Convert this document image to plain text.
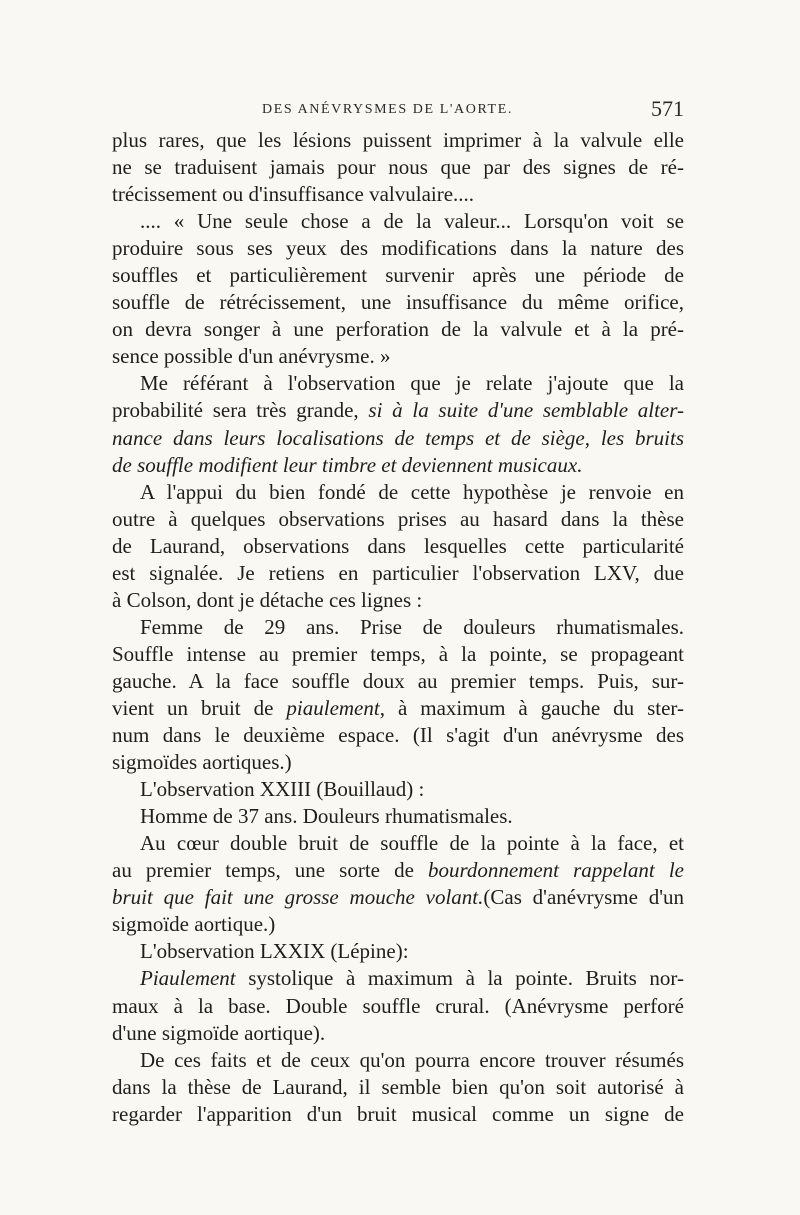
DES ANÉVRYSMES DE L'AORTE.	571
plus rares, que les lésions puissent imprimer à la valvule elle
ne se traduisent jamais pour nous que par des signes de ré-
trécissement ou d'insuffisance valvulaire....
.... « Une seule chose a de la valeur... Lorsqu'on voit se
produire sous ses yeux des modifications dans la nature des
souffles et particulièrement survenir après une période de
souffle de rétrécissement, une insuffisance du même orifice,
on devra songer à une perforation de la valvule et à la pré-
sence possible d'un anévrysme. »
Me référant à l'observation que je relate j'ajoute que la
probabilité sera très grande, si à la suite d'une semblable alter-
nance dans leurs localisations de temps et de siège, les bruits
de souffle modifient leur timbre et deviennent musicaux.
A l'appui du bien fondé de cette hypothèse je renvoie en
outre à quelques observations prises au hasard dans la thèse
de Laurand, observations dans lesquelles cette particularité
est signalée. Je retiens en particulier l'observation LXV, due
à Colson, dont je détache ces lignes :
Femme de 29 ans. Prise de douleurs rhumatismales.
Souffle intense au premier temps, à la pointe, se propageant
gauche. A la face souffle doux au premier temps. Puis, sur-
vient un bruit de piaulement, à maximum à gauche du ster-
num dans le deuxième espace. (Il s'agit d'un anévrysme des
sigmoïdes aortiques.)
L'observation XXIII (Bouillaud) :
Homme de 37 ans. Douleurs rhumatismales.
Au cœur double bruit de souffle de la pointe à la face, et
au premier temps, une sorte de bourdonnement rappelant le
bruit que fait une grosse mouche volant.(Cas d'anévrysme d'un
sigmoïde aortique.)
L'observation LXXIX (Lépine):
Piaulement systolique à maximum à la pointe. Bruits nor-
maux à la base. Double souffle crural. (Anévrysme perforé
d'une sigmoïde aortique).
De ces faits et de ceux qu'on pourra encore trouver résumés
dans la thèse de Laurand, il semble bien qu'on soit autorisé à
regarder l'apparition d'un bruit musical comme un signe de
